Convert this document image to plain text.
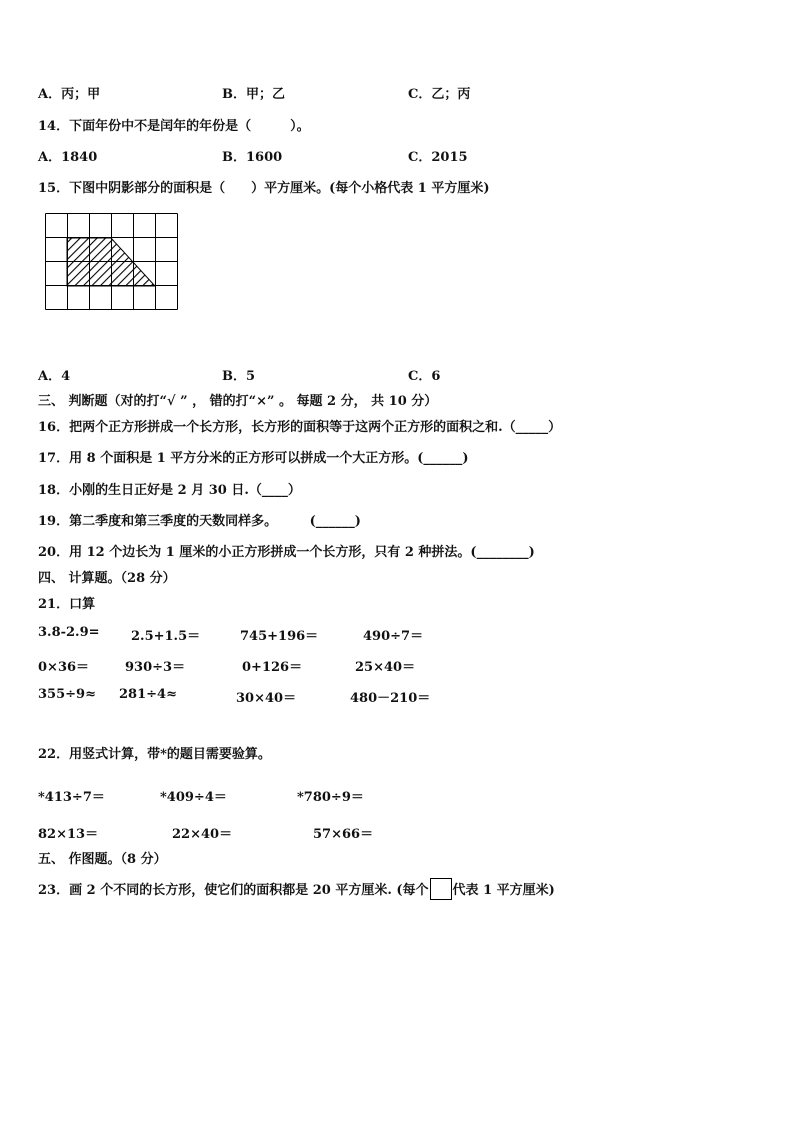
A．丙；甲	B．甲；乙	C．乙；丙
14．下面年份中不是闰年的年份是（　　　）。
A．1840	B．1600	C．2015
15．下图中阴影部分的面积是（　　）平方厘米。(每个小格代表 1 平方厘米)
A．4	B．5	C．6
三、 判断题（对的打“√ ” ， 错的打“×” 。 每题 2 分， 共 10 分）
16．把两个正方形拼成一个长方形，长方形的面积等于这两个正方形的面积之和.（_____）
17．用 8 个面积是 1 平方分米的正方形可以拼成一个大正方形。(______)
18．小刚的生日正好是 2 月 30 日.（____）
19．第二季度和第三季度的天数同样多。　　　(______)
20．用 12 个边长为 1 厘米的小正方形拼成一个长方形，只有 2 种拼法。(________)
四、 计算题。（28 分）
21．口算
3.8-2.9= 2.5+1.5＝	745+196＝	490÷7＝
0×36＝	930÷3＝	0+126＝	25×40＝
355÷9≈ 281÷4≈	30×40＝	480－210＝
22．用竖式计算，带*的题目需要验算。
*413÷7＝	*409÷4＝	*780÷9＝
82×13＝	22×40＝	57×66＝
五、 作图题。（8 分）
23．画 2 个不同的长方形，使它们的面积都是 20 平方厘米. (每个 代表 1 平方厘米)
